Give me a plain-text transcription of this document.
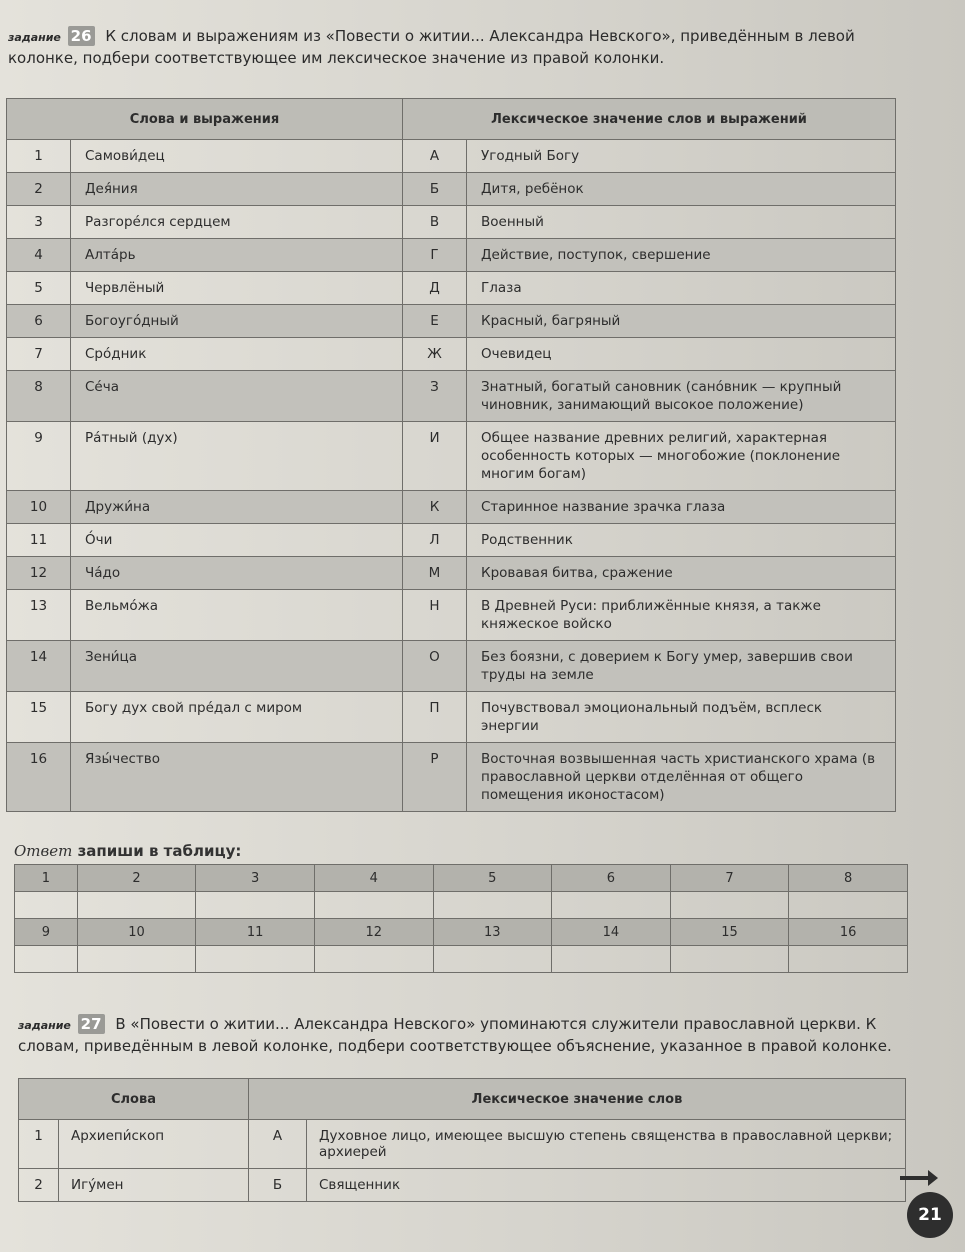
задание 26 К словам и выражениям из «Повести о житии... Александра Невского», приведённым в левой колонке, подбери соответствующее им лексическое значение из правой колонки.
Слова и выражения		Лексическое значение слов и выражений	
1	Самови́дец	А	Угодный Богу
2	Дея́ния	Б	Дитя, ребёнок
3	Разгоре́лся сердцем	В	Военный
4	Алта́рь	Г	Действие, поступок, свершение
5	Червлёный	Д	Глаза
6	Богоуго́дный	Е	Красный, багряный
7	Сро́дник	Ж	Очевидец
8	Се́ча	З	Знатный, богатый сановник (сано́вник — крупный чиновник, занимающий высокое положение)
9	Ра́тный (дух)	И	Общее название древних религий, характерная особенность которых — многобожие (поклонение многим богам)
10	Дружи́на	К	Старинное название зрачка глаза
11	О́чи	Л	Родственник
12	Ча́до	М	Кровавая битва, сражение
13	Вельмо́жа	Н	В Древней Руси: приближённые князя, а также княжеское войско
14	Зени́ца	О	Без боязни, с доверием к Богу умер, завершив свои труды на земле
15	Богу дух свой пре́дал с миром	П	Почувствовал эмоциональный подъём, всплеск энергии
16	Язы́чество	Р	Восточная возвышенная часть христианского храма (в православной церкви отделённая от общего помещения иконостасом)
Ответ запиши в таблицу:
1	2	3	4	5	6	7	8

9	10	11	12	13	14	15	16

задание 27 В «Повести о житии... Александра Невского» упоминаются служители православной церкви. К словам, приведённым в левой колонке, подбери соответствующее объяснение, указанное в правой колонке.
Слова		Лексическое значение слов	
1	Архиепи́скоп	А	Духовное лицо, имеющее высшую степень священства в православной церкви; архиерей
2	Игу́мен	Б	Священник
21
